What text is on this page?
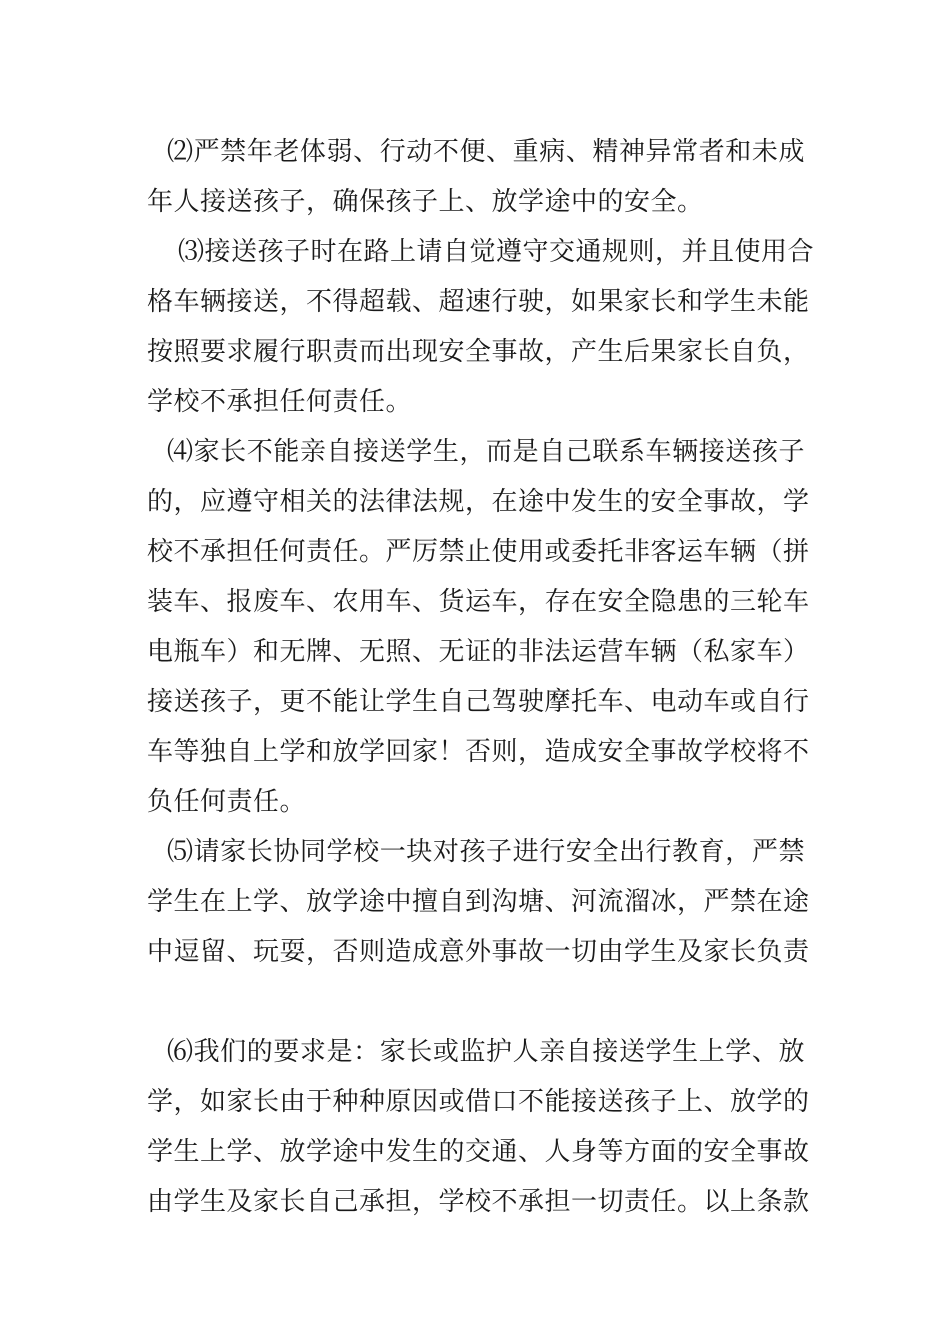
⑵严禁年老体弱、行动不便、重病、精神异常者和未成
年人接送孩子，确保孩子上、放学途中的安全。
⑶接送孩子时在路上请自觉遵守交通规则，并且使用合
格车辆接送，不得超载、超速行驶，如果家长和学生未能
按照要求履行职责而出现安全事故，产生后果家长自负，
学校不承担任何责任。
⑷家长不能亲自接送学生，而是自己联系车辆接送孩子
的，应遵守相关的法律法规，在途中发生的安全事故，学
校不承担任何责任。严厉禁止使用或委托非客运车辆（拼
装车、报废车、农用车、货运车，存在安全隐患的三轮车
电瓶车）和无牌、无照、无证的非法运营车辆（私家车）
接送孩子，更不能让学生自己驾驶摩托车、电动车或自行
车等独自上学和放学回家！否则，造成安全事故学校将不
负任何责任。
⑸请家长协同学校一块对孩子进行安全出行教育，严禁
学生在上学、放学途中擅自到沟塘、河流溜冰，严禁在途
中逗留、玩耍，否则造成意外事故一切由学生及家长负责
⑹我们的要求是：家长或监护人亲自接送学生上学、放
学，如家长由于种种原因或借口不能接送孩子上、放学的
学生上学、放学途中发生的交通、人身等方面的安全事故
由学生及家长自己承担，学校不承担一切责任。以上条款
